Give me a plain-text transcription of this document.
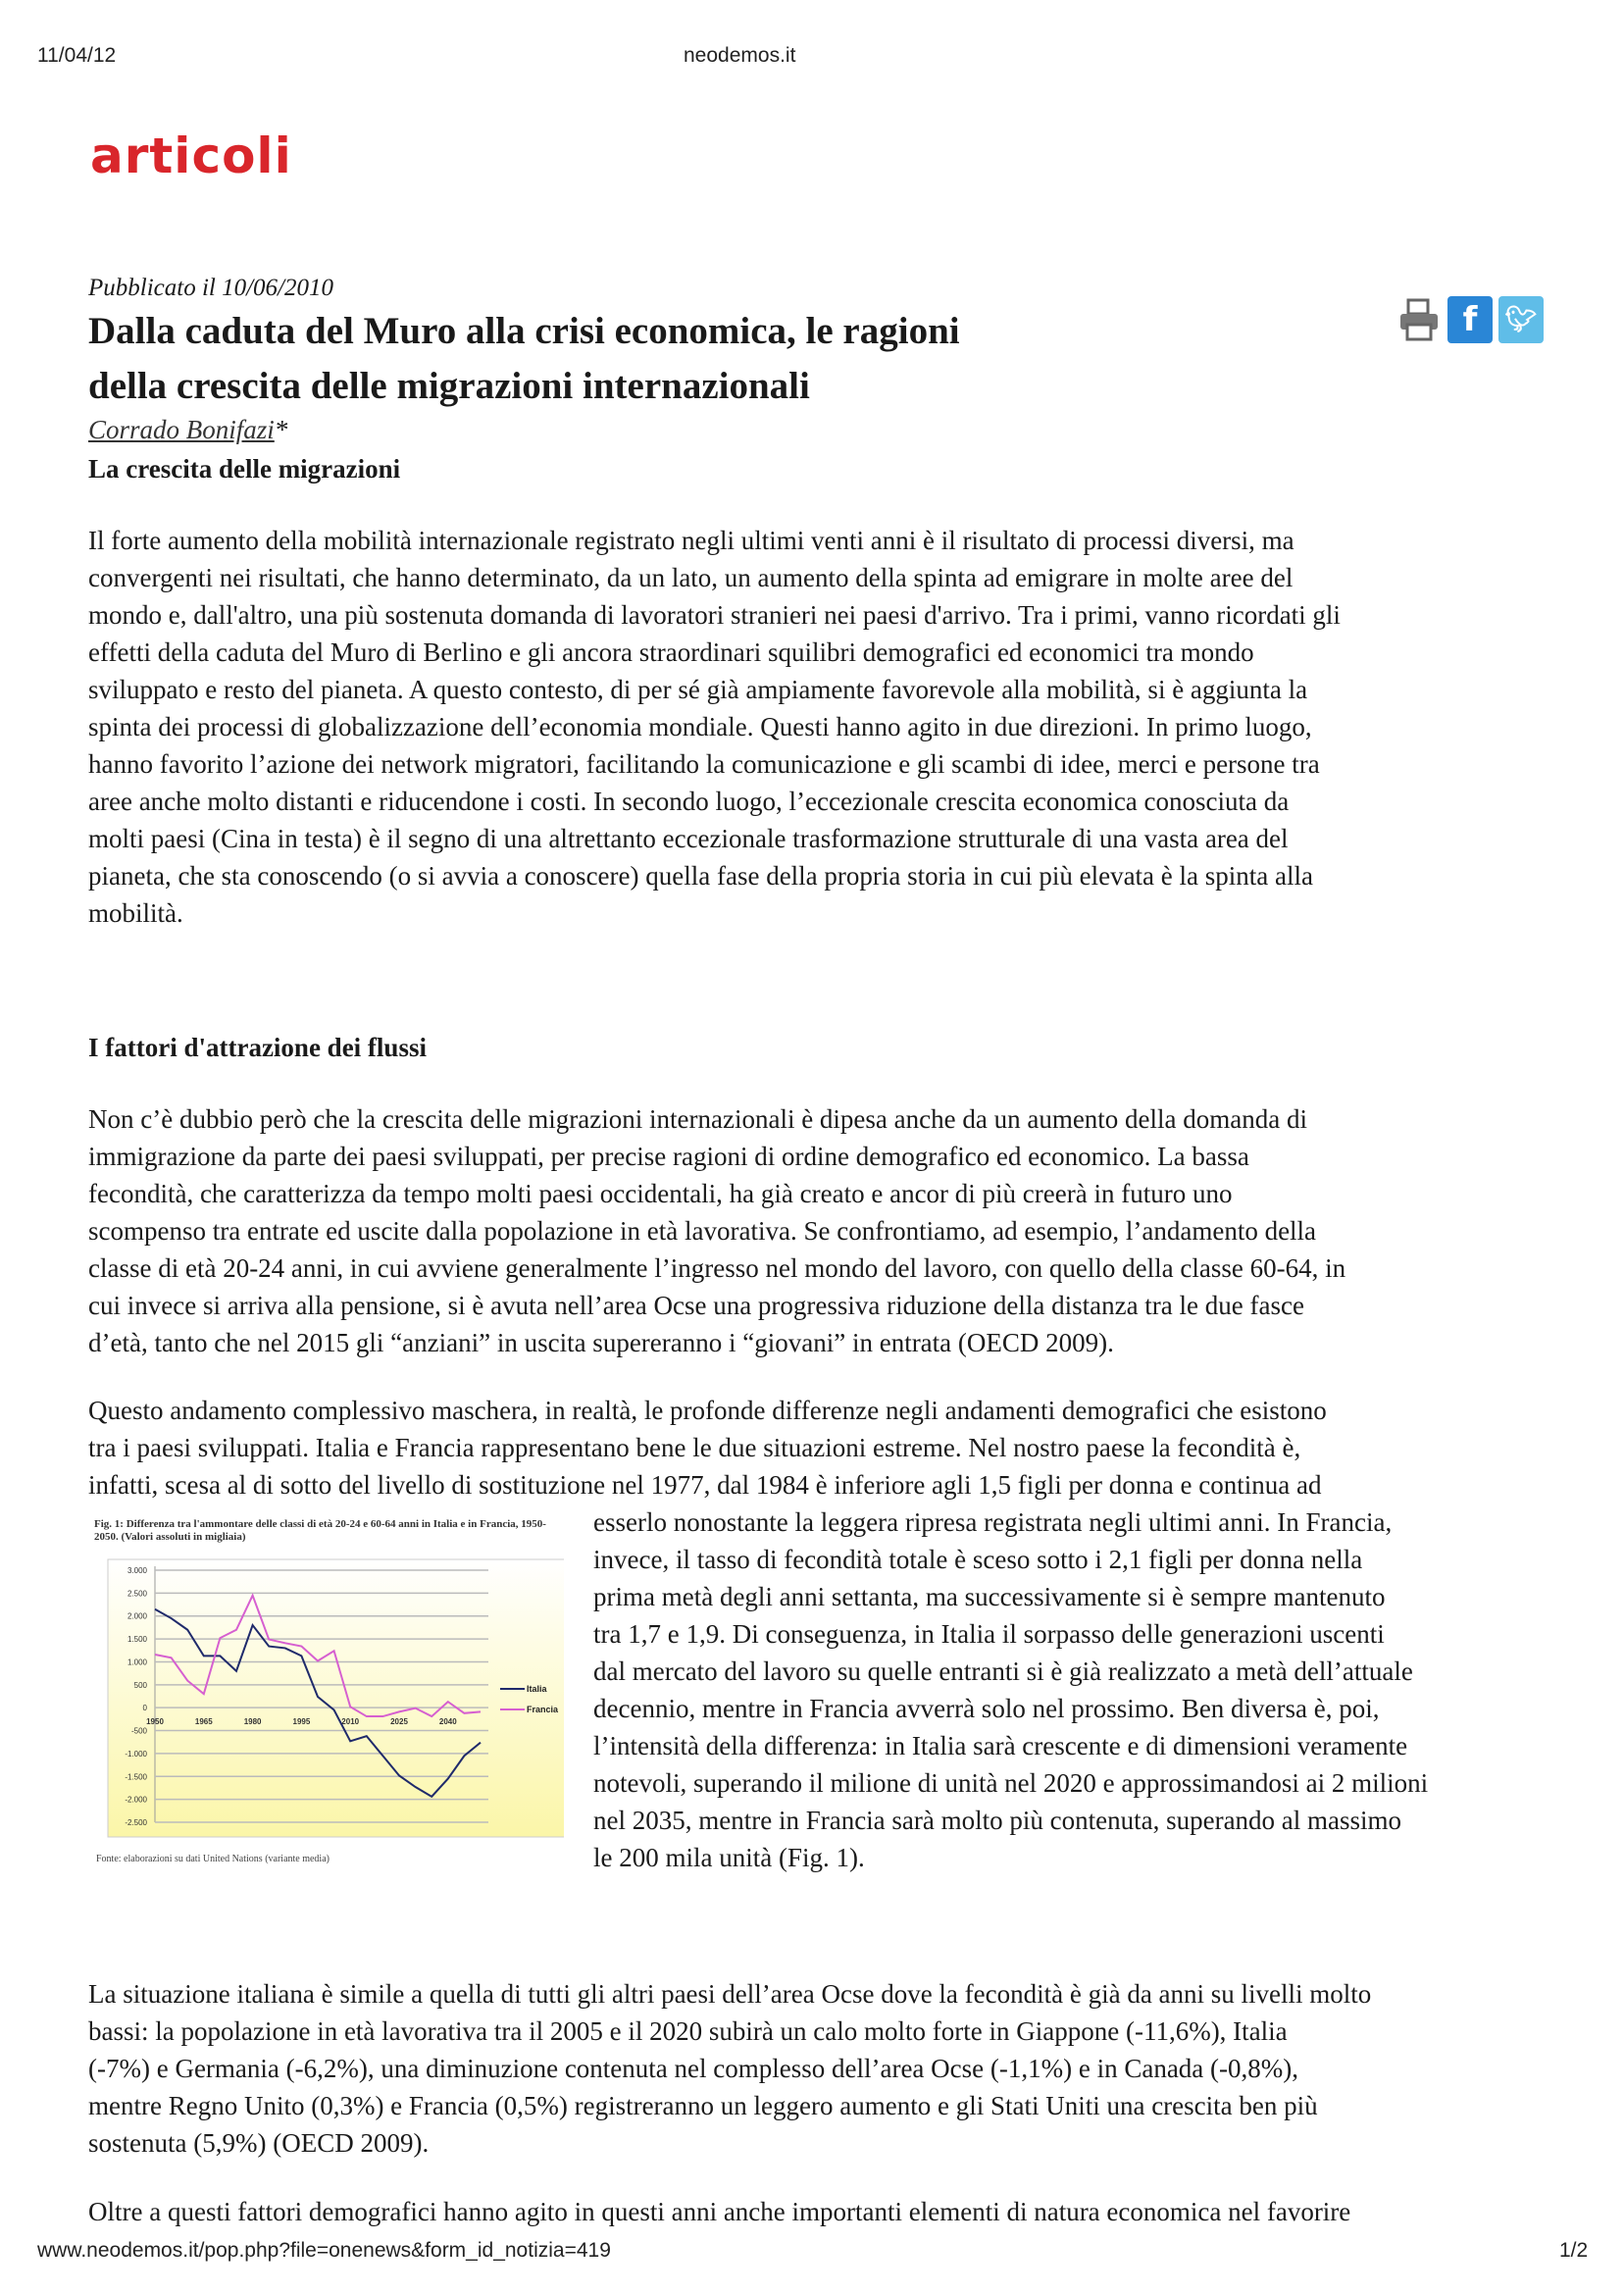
11/04/12	neodemos.it
articoli
Pubblicato il 10/06/2010
Dalla caduta del Muro alla crisi economica, le ragioni
della crescita delle migrazioni internazionali
f	🐦︎
Corrado Bonifazi*
La crescita delle migrazioni
Il forte aumento della mobilità internazionale registrato negli ultimi venti anni è il risultato di processi diversi, ma
convergenti nei risultati, che hanno determinato, da un lato, un aumento della spinta ad emigrare in molte aree del
mondo e, dall'altro, una più sostenuta domanda di lavoratori stranieri nei paesi d'arrivo. Tra i primi, vanno ricordati gli
effetti della caduta del Muro di Berlino e gli ancora straordinari squilibri demografici ed economici tra mondo
sviluppato e resto del pianeta. A questo contesto, di per sé già ampiamente favorevole alla mobilità, si è aggiunta la
spinta dei processi di globalizzazione dell’economia mondiale. Questi hanno agito in due direzioni. In primo luogo,
hanno favorito l’azione dei network migratori, facilitando la comunicazione e gli scambi di idee, merci e persone tra
aree anche molto distanti e riducendone i costi. In secondo luogo, l’eccezionale crescita economica conosciuta da
molti paesi (Cina in testa) è il segno di una altrettanto eccezionale trasformazione strutturale di una vasta area del
pianeta, che sta conoscendo (o si avvia a conoscere) quella fase della propria storia in cui più elevata è la spinta alla
mobilità.
I fattori d'attrazione dei flussi
Non c’è dubbio però che la crescita delle migrazioni internazionali è dipesa anche da un aumento della domanda di
immigrazione da parte dei paesi sviluppati, per precise ragioni di ordine demografico ed economico. La bassa
fecondità, che caratterizza da tempo molti paesi occidentali, ha già creato e ancor di più creerà in futuro uno
scompenso tra entrate ed uscite dalla popolazione in età lavorativa. Se confrontiamo, ad esempio, l’andamento della
classe di età 20-24 anni, in cui avviene generalmente l’ingresso nel mondo del lavoro, con quello della classe 60-64, in
cui invece si arriva alla pensione, si è avuta nell’area Ocse una progressiva riduzione della distanza tra le due fasce
d’età, tanto che nel 2015 gli “anziani” in uscita supereranno i “giovani” in entrata (OECD 2009).
Questo andamento complessivo maschera, in realtà, le profonde differenze negli andamenti demografici che esistono
tra i paesi sviluppati. Italia e Francia rappresentano bene le due situazioni estreme. Nel nostro paese la fecondità è,
infatti, scesa al di sotto del livello di sostituzione nel 1977, dal 1984 è inferiore agli 1,5 figli per donna e continua ad
esserlo nonostante la leggera ripresa registrata negli ultimi anni. In Francia,
invece, il tasso di fecondità totale è sceso sotto i 2,1 figli per donna nella
prima metà degli anni settanta, ma successivamente si è sempre mantenuto
tra 1,7 e 1,9. Di conseguenza, in Italia il sorpasso delle generazioni uscenti
dal mercato del lavoro su quelle entranti si è già realizzato a metà dell’attuale
decennio, mentre in Francia avverrà solo nel prossimo. Ben diversa è, poi,
l’intensità della differenza: in Italia sarà crescente e di dimensioni veramente
notevoli, superando il milione di unità nel 2020 e approssimandosi ai 2 milioni
nel 2035, mentre in Francia sarà molto più contenuta, superando al massimo
le 200 mila unità (Fig. 1).
La situazione italiana è simile a quella di tutti gli altri paesi dell’area Ocse dove la fecondità è già da anni su livelli molto
bassi: la popolazione in età lavorativa tra il 2005 e il 2020 subirà un calo molto forte in Giappone (-11,6%), Italia
(-7%) e Germania (-6,2%), una diminuzione contenuta nel complesso dell’area Ocse (-1,1%) e in Canada (-0,8%),
mentre Regno Unito (0,3%) e Francia (0,5%) registreranno un leggero aumento e gli Stati Uniti una crescita ben più
sostenuta (5,9%) (OECD 2009).
Oltre a questi fattori demografici hanno agito in questi anni anche importanti elementi di natura economica nel favorire
Fig. 1: Differenza tra l'ammontare delle classi di età 20-24 e 60-64 anni in Italia e in Francia, 1950-2050. (Valori assoluti in migliaia)
3.000
2.500
2.000
1.500
1.000
500
0
-500
-1.000
-1.500
-2.000
-2.500
1950	1965	1980	1995	2010	2025	2040
Italia
Francia
Fonte: elaborazioni su dati United Nations (variante media)
www.neodemos.it/pop.php?file=onenews&form_id_notizia=419	1/2
